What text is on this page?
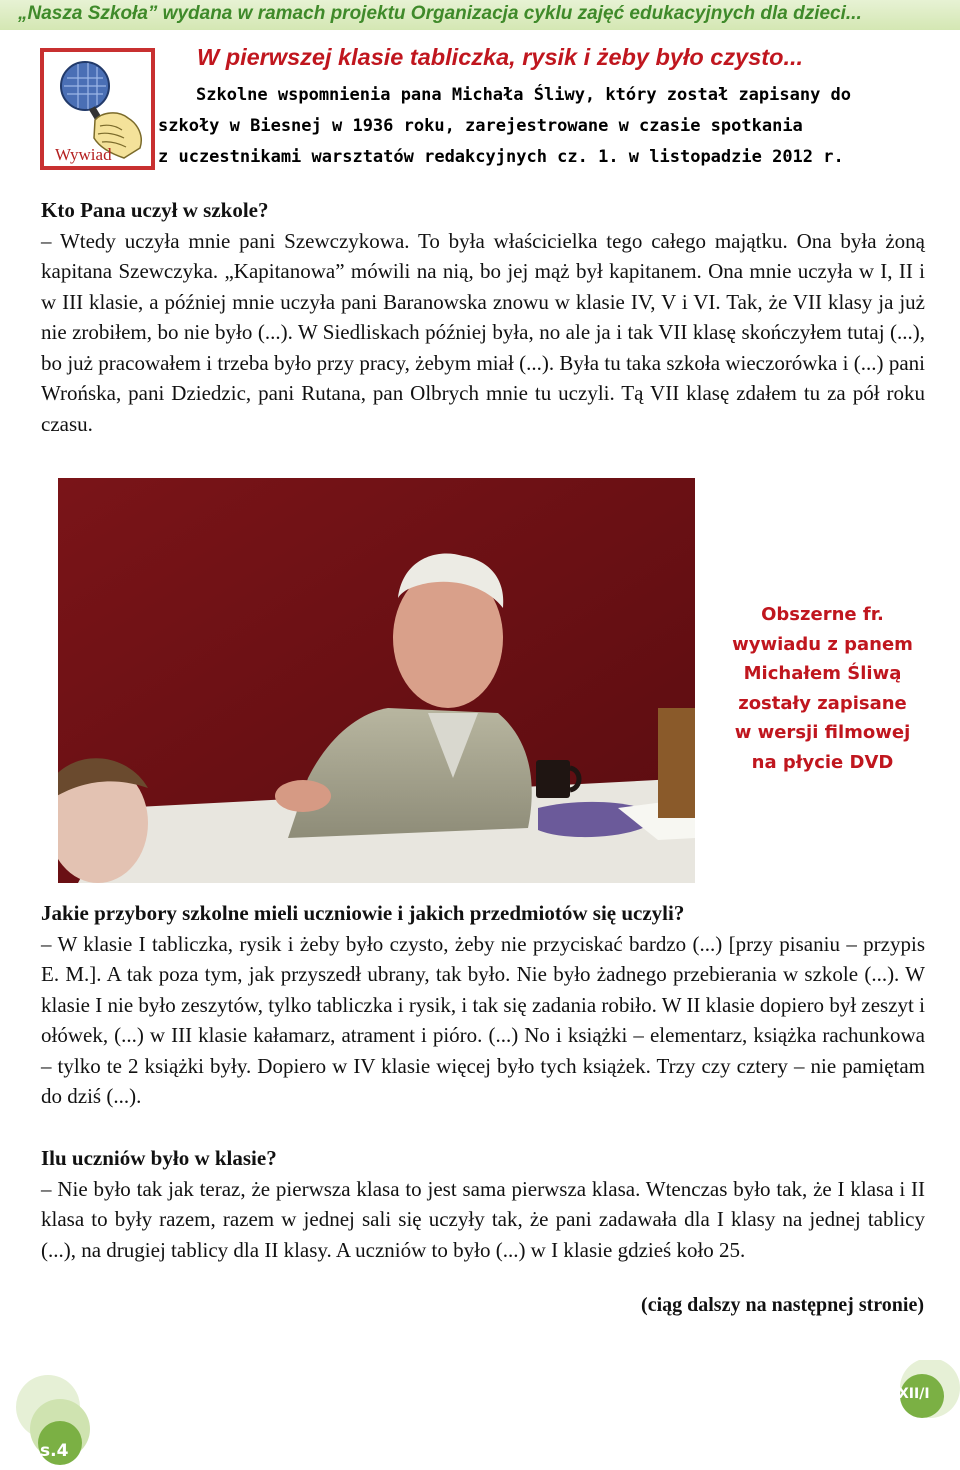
„Nasza Szkoła” wydana w ramach projektu Organizacja cyklu zajęć edukacyjnych dla dzieci...
Wywiad
W pierwszej klasie tabliczka, rysik i żeby było czysto...
Szkolne wspomnienia pana Michała Śliwy, który został zapisany do
szkoły w Biesnej w 1936 roku, zarejestrowane w czasie spotkania
z uczestnikami warsztatów redakcyjnych cz. 1. w listopadzie 2012 r.
Kto Pana uczył w szkole?
– Wtedy uczyła mnie pani Szewczykowa. To była właścicielka tego całego majątku. Ona była żoną kapitana Szewczyka. „Kapitanowa” mówili na nią, bo jej mąż był kapitanem. Ona mnie uczyła w I, II i w III klasie, a później mnie uczyła pani Baranowska znowu w klasie IV, V i VI. Tak, że VII klasy ja już nie zrobiłem, bo nie było (...). W Siedliskach później była, no ale ja i tak VII klasę skończyłem tutaj (...), bo już pracowałem i trzeba było przy pracy, żebym miał (...). Była tu taka szkoła wieczorówka i (...) pani Wrońska, pani Dziedzic, pani Rutana, pan Olbrych mnie tu uczyli. Tą VII klasę zdałem tu za pół roku czasu.
Obszerne fr.
wywiadu z panem
Michałem Śliwą
zostały zapisane
w wersji filmowej
na płycie DVD
Jakie przybory szkolne mieli uczniowie i jakich przedmiotów się uczyli?
– W klasie I tabliczka, rysik i żeby było czysto, żeby nie przyciskać bardzo (...) [przy pisaniu – przypis E. M.]. A tak poza tym, jak przyszedł ubrany, tak było. Nie było żadnego przebierania w szkole (...). W klasie I nie było zeszytów, tylko tabliczka i rysik, i tak się zadania robiło. W II klasie dopiero był zeszyt i ołówek, (...) w III klasie kałamarz, atrament i pióro. (...) No i książki – elementarz, książka rachunkowa – tylko te 2 książki były. Dopiero w IV klasie więcej było tych książek. Trzy czy cztery – nie pamiętam do dziś (...).
Ilu uczniów było w klasie?
– Nie było tak jak teraz, że pierwsza klasa to jest sama pierwsza klasa. Wtenczas było tak, że I klasa i II klasa to były razem, razem w jednej sali się uczyły tak, że pani zadawała dla I klasy na jednej tablicy (...), na drugiej tablicy dla II klasy. A uczniów to było (...) w I klasie gdzieś koło 25.
(ciąg dalszy na następnej stronie)
s.4
XII/I
